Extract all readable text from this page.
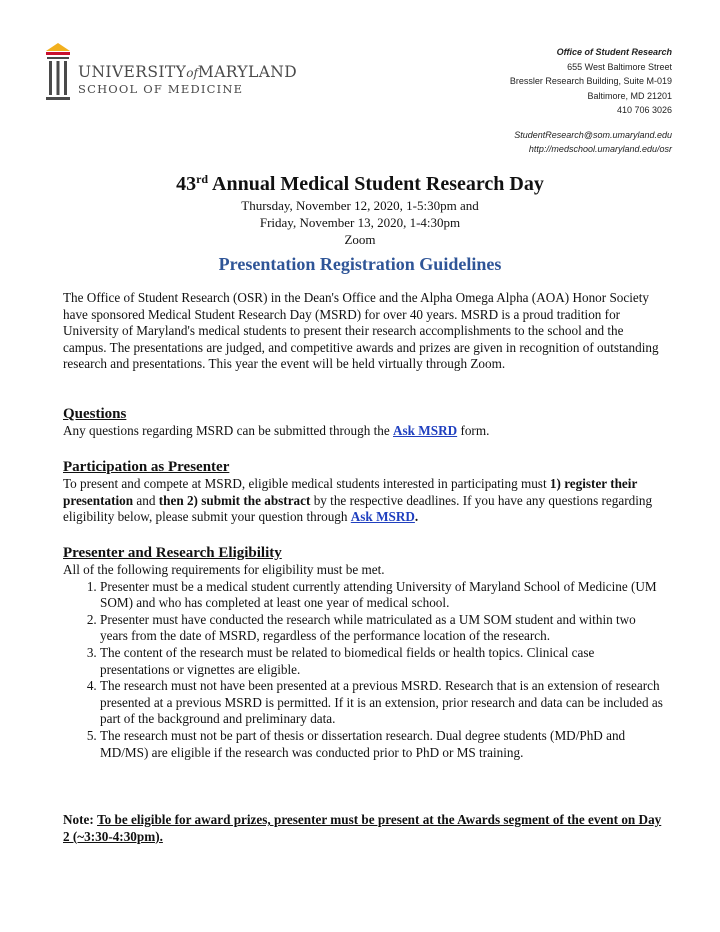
UNIVERSITYofMARYLAND
SCHOOL OF MEDICINE
Office of Student Research
655 West Baltimore Street
Bressler Research Building, Suite M-019
Baltimore, MD 21201
410 706 3026
StudentResearch@som.umaryland.edu
http://medschool.umaryland.edu/osr
43rd Annual Medical Student Research Day
Thursday, November 12, 2020, 1-5:30pm and
Friday, November 13, 2020, 1-4:30pm
Zoom
Presentation Registration Guidelines
The Office of Student Research (OSR) in the Dean's Office and the Alpha Omega Alpha (AOA) Honor Society have sponsored Medical Student Research Day (MSRD) for over 40 years. MSRD is a proud tradition for University of Maryland's medical students to present their research accomplishments to the school and the campus. The presentations are judged, and competitive awards and prizes are given in recognition of outstanding research and presentations. This year the event will be held virtually through Zoom.
Questions
Any questions regarding MSRD can be submitted through the Ask MSRD form.
Participation as Presenter
To present and compete at MSRD, eligible medical students interested in participating must 1) register their presentation and then 2) submit the abstract by the respective deadlines. If you have any questions regarding eligibility below, please submit your question through Ask MSRD.
Presenter and Research Eligibility
All of the following requirements for eligibility must be met.
1. Presenter must be a medical student currently attending University of Maryland School of Medicine (UM SOM) and who has completed at least one year of medical school.
2. Presenter must have conducted the research while matriculated as a UM SOM student and within two years from the date of MSRD, regardless of the performance location of the research.
3. The content of the research must be related to biomedical fields or health topics. Clinical case presentations or vignettes are eligible.
4. The research must not have been presented at a previous MSRD. Research that is an extension of research presented at a previous MSRD is permitted. If it is an extension, prior research and data can be included as part of the background and preliminary data.
5. The research must not be part of thesis or dissertation research. Dual degree students (MD/PhD and MD/MS) are eligible if the research was conducted prior to PhD or MS training.
Note: To be eligible for award prizes, presenter must be present at the Awards segment of the event on Day 2 (~3:30-4:30pm).
